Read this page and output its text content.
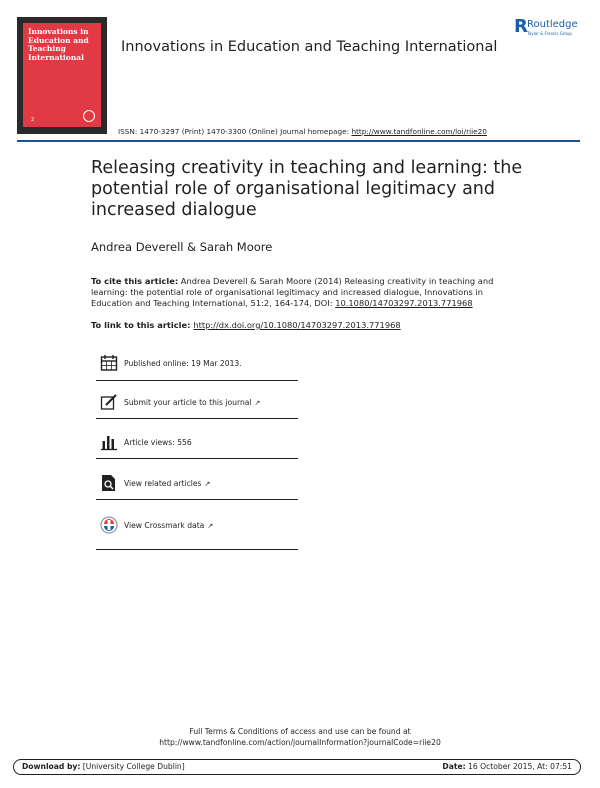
Innovations in Education and Teaching International
2
Innovations in Education and Teaching International
R Routledge
Taylor & Francis Group
ISSN: 1470-3297 (Print) 1470-3300 (Online) Journal homepage: http://www.tandfonline.com/loi/riie20
Releasing creativity in teaching and learning: the potential role of organisational legitimacy and increased dialogue
Andrea Deverell & Sarah Moore
To cite this article: Andrea Deverell & Sarah Moore (2014) Releasing creativity in teaching and learning: the potential role of organisational legitimacy and increased dialogue, Innovations in Education and Teaching International, 51:2, 164-174, DOI: 10.1080/14703297.2013.771968
To link to this article: http://dx.doi.org/10.1080/14703297.2013.771968
Published online: 19 Mar 2013.
Submit your article to this journal ↗
Article views: 556
View related articles ↗
View Crossmark data ↗
Full Terms & Conditions of access and use can be found at
http://www.tandfonline.com/action/journalInformation?journalCode=riie20
Download by: [University College Dublin]	Date: 16 October 2015, At: 07:51
